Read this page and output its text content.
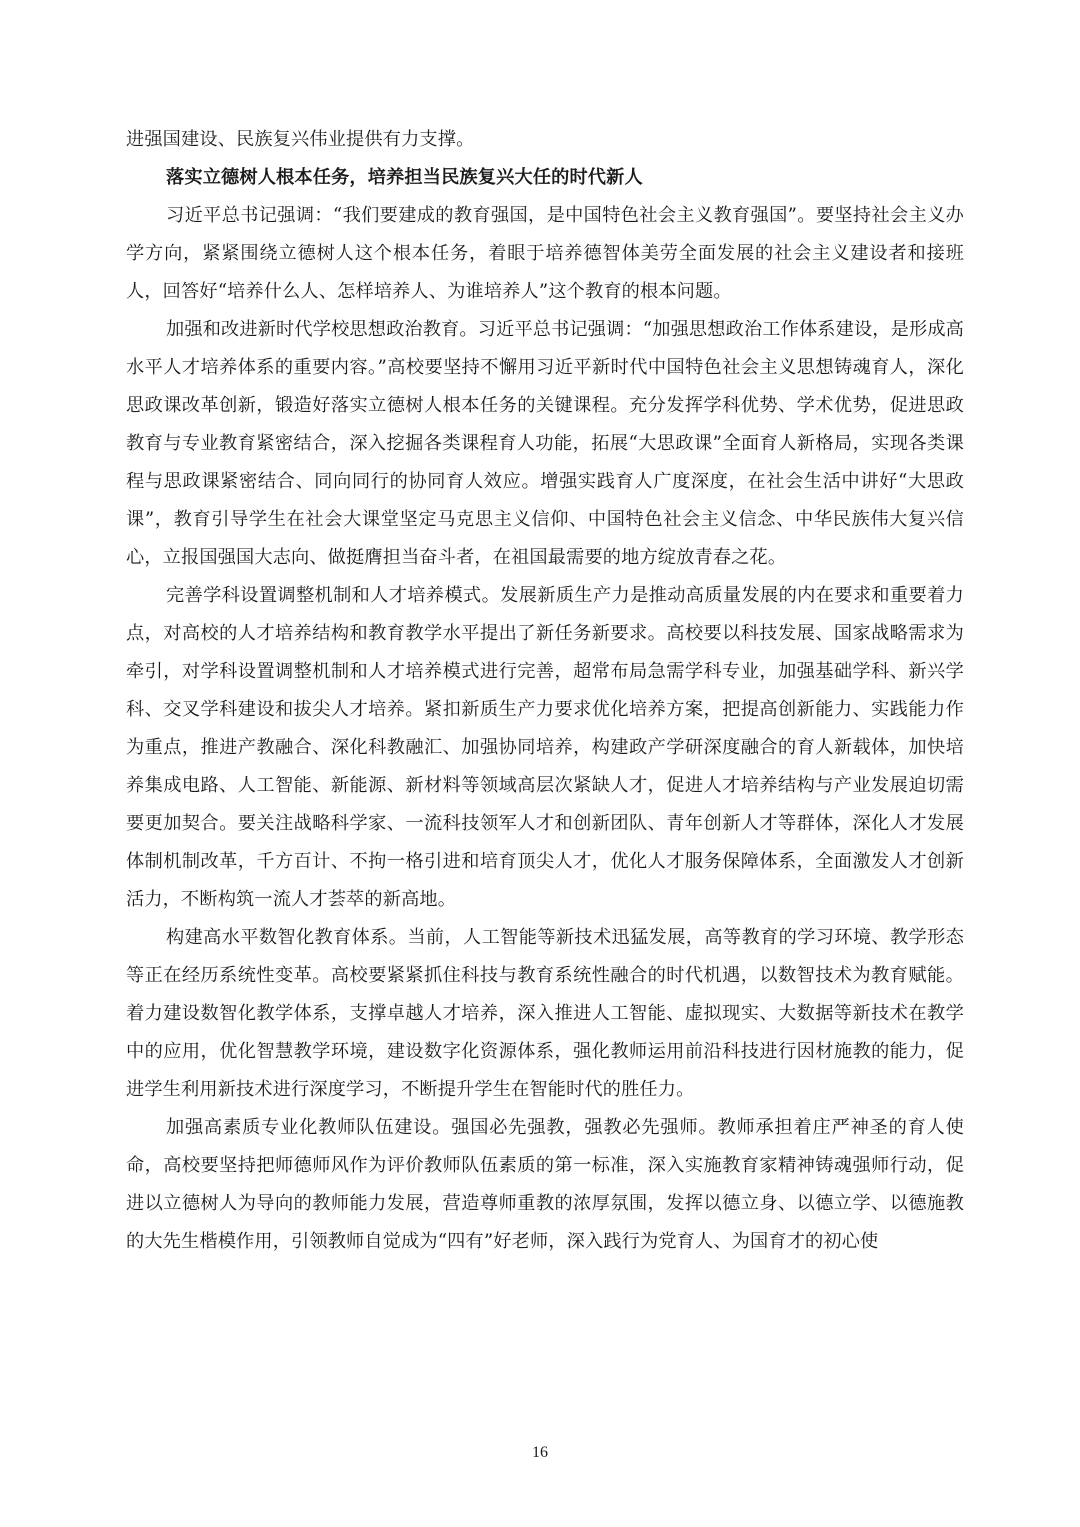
进强国建设、民族复兴伟业提供有力支撑。

落实立德树人根本任务，培养担当民族复兴大任的时代新人

习近平总书记强调：“我们要建成的教育强国，是中国特色社会主义教育强国”。要坚持社会主义办学方向，紧紧围绕立德树人这个根本任务，着眼于培养德智体美劳全面发展的社会主义建设者和接班人，回答好“培养什么人、怎样培养人、为谁培养人”这个教育的根本问题。

加强和改进新时代学校思想政治教育。习近平总书记强调：“加强思想政治工作体系建设，是形成高水平人才培养体系的重要内容。”高校要坚持不懈用习近平新时代中国特色社会主义思想铸魂育人，深化思政课改革创新，锻造好落实立德树人根本任务的关键课程。充分发挥学科优势、学术优势，促进思政教育与专业教育紧密结合，深入挖掘各类课程育人功能，拓展“大思政课”全面育人新格局，实现各类课程与思政课紧密结合、同向同行的协同育人效应。增强实践育人广度深度，在社会生活中讲好“大思政课”，教育引导学生在社会大课堂坚定马克思主义信仰、中国特色社会主义信念、中华民族伟大复兴信心，立报国强国大志向、做挺膺担当奋斗者，在祖国最需要的地方绽放青春之花。

完善学科设置调整机制和人才培养模式。发展新质生产力是推动高质量发展的内在要求和重要着力点，对高校的人才培养结构和教育教学水平提出了新任务新要求。高校要以科技发展、国家战略需求为牵引，对学科设置调整机制和人才培养模式进行完善，超常布局急需学科专业，加强基础学科、新兴学科、交叉学科建设和拔尖人才培养。紧扣新质生产力要求优化培养方案，把提高创新能力、实践能力作为重点，推进产教融合、深化科教融汇、加强协同培养，构建政产学研深度融合的育人新载体，加快培养集成电路、人工智能、新能源、新材料等领域高层次紧缺人才，促进人才培养结构与产业发展迫切需要更加契合。要关注战略科学家、一流科技领军人才和创新团队、青年创新人才等群体，深化人才发展体制机制改革，千方百计、不拘一格引进和培育顶尖人才，优化人才服务保障体系，全面激发人才创新活力，不断构筑一流人才荟萃的新高地。

构建高水平数智化教育体系。当前，人工智能等新技术迅猛发展，高等教育的学习环境、教学形态等正在经历系统性变革。高校要紧紧抓住科技与教育系统性融合的时代机遇，以数智技术为教育赋能。着力建设数智化教学体系，支撑卓越人才培养，深入推进人工智能、虚拟现实、大数据等新技术在教学中的应用，优化智慧教学环境，建设数字化资源体系，强化教师运用前沿科技进行因材施教的能力，促进学生利用新技术进行深度学习，不断提升学生在智能时代的胜任力。

加强高素质专业化教师队伍建设。强国必先强教，强教必先强师。教师承担着庄严神圣的育人使命，高校要坚持把师德师风作为评价教师队伍素质的第一标准，深入实施教育家精神铸魂强师行动，促进以立德树人为导向的教师能力发展，营造尊师重教的浓厚氛围，发挥以德立身、以德立学、以德施教的大先生楷模作用，引领教师自觉成为“四有”好老师，深入践行为党育人、为国育才的初心使

16
